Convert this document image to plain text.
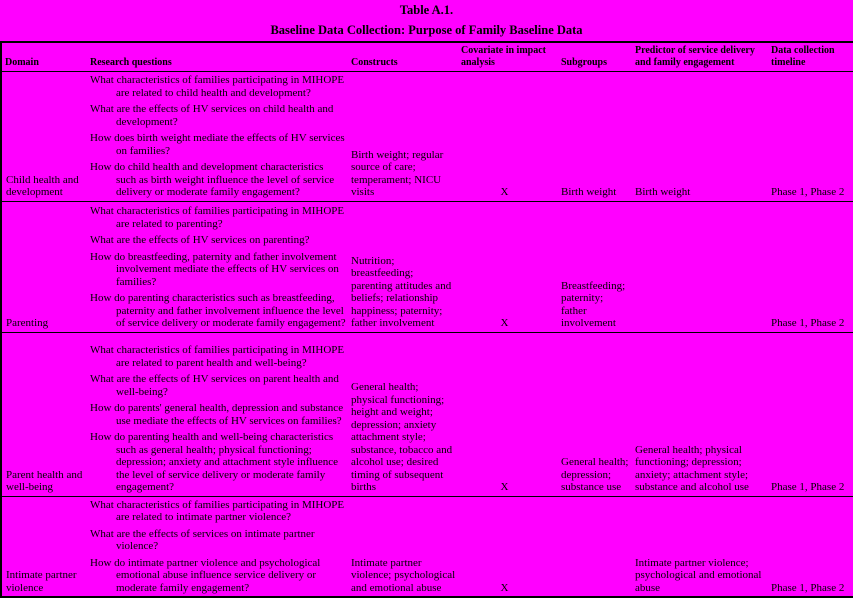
Table A.1.
Baseline Data Collection: Purpose of Family Baseline Data
Domain	Research questions	Constructs	Covariate in impact analysis	Subgroups	Predictor of service delivery and family engagement	Data collection timeline
Child health and development	What characteristics of families participating in MIHOPE are related to child health and development?
What are the effects of HV services on child health and development?
How does birth weight mediate the effects of HV services on families?
How do child health and development characteristics such as birth weight influence the level of service delivery or moderate family engagement?	Birth weight; regular source of care; temperament; NICU visits	X	Birth weight	Birth weight	Phase 1, Phase 2
Parenting	What characteristics of families participating in MIHOPE are related to parenting?
What are the effects of HV services on parenting?
How do breastfeeding, paternity and father involvement involvement mediate the effects of HV services on families?
How do parenting characteristics such as breastfeeding, paternity and father involvement influence the level of service delivery or moderate family engagement?	Nutrition; breastfeeding; parenting attitudes and beliefs; relationship happiness; paternity; father involvement	X	Breastfeeding; paternity; father involvement		Phase 1, Phase 2
Parent health and well-being	What characteristics of families participating in MIHOPE are related to parent health and well-being?
What are the effects of HV services on parent health and well-being?
How do parents' general health, depression and substance use mediate the effects of HV services on families?
How do parenting health and well-being characteristics such as general health; physical functioning; depression; anxiety and attachment style influence the level of service delivery or moderate family engagement?	General health; physical functioning; height and weight; depression; anxiety attachment style; substance, tobacco and alcohol use; desired timing of subsequent births	X	General health; depression; substance use	General health; physical functioning; depression; anxiety; attachment style; substance and alcohol use	Phase 1, Phase 2
Intimate partner violence	What characteristics of families participating in MIHOPE are related to intimate partner violence?
What are the effects of services on intimate partner violence?
How do intimate partner violence and psychological emotional abuse influence service delivery or moderate family engagement?	Intimate partner violence; psychological and emotional abuse	X		Intimate partner violence; psychological and emotional abuse	Phase 1, Phase 2
